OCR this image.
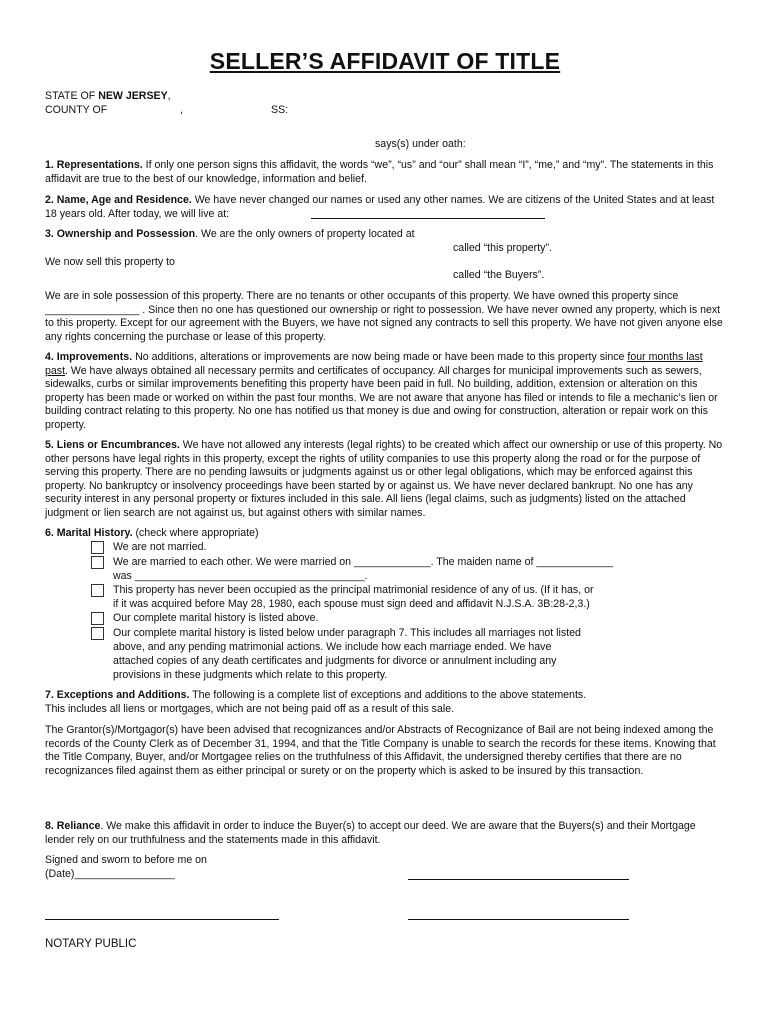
SELLER’S AFFIDAVIT OF TITLE
STATE OF NEW JERSEY,
COUNTY OF	,	SS:
says(s) under oath:
1. Representations. If only one person signs this affidavit, the words “we”, “us” and “our” shall mean “I”, “me,” and “my”. The statements in this affidavit are true to the best of our knowledge, information and belief.
2. Name, Age and Residence. We have never changed our names or used any other names. We are citizens of the United States and at least 18 years old. After today, we will live at:
3. Ownership and Possession. We are the only owners of property located at
called “this property”.
We now sell this property to
called “the Buyers”.
We are in sole possession of this property. There are no tenants or other occupants of this property. We have owned this property since ________________ . Since then no one has questioned our ownership or right to possession. We have never owned any property, which is next to this property. Except for our agreement with the Buyers, we have not signed any contracts to sell this property. We have not given anyone else any rights concerning the purchase or lease of this property.
4. Improvements. No additions, alterations or improvements are now being made or have been made to this property since four months last past. We have always obtained all necessary permits and certificates of occupancy. All charges for municipal improvements such as sewers, sidewalks, curbs or similar improvements benefiting this property have been paid in full. No building, addition, extension or alteration on this property has been made or worked on within the past four months. We are not aware that anyone has filed or intends to file a mechanic’s lien or building contract relating to this property. No one has notified us that money is due and owing for construction, alteration or repair work on this property.
5. Liens or Encumbrances. We have not allowed any interests (legal rights) to be created which affect our ownership or use of this property. No other persons have legal rights in this property, except the rights of utility companies to use this property along the road or for the purpose of serving this property. There are no pending lawsuits or judgments against us or other legal obligations, which may be enforced against this property. No bankruptcy or insolvency proceedings have been started by or against us. We have never declared bankrupt. No one has any security interest in any personal property or fixtures included in this sale. All liens (legal claims, such as judgments) listed on the attached judgment or lien search are not against us, but against others with similar names.
6. Marital History. (check where appropriate)
We are not married.
We are married to each other. We were married on _____________. The maiden name of _____________
was _______________________________________.
This property has never been occupied as the principal matrimonial residence of any of us. (If it has, or
if it was acquired before May 28, 1980, each spouse must sign deed and affidavit N.J.S.A. 3B:28-2,3.)
Our complete marital history is listed above.
Our complete marital history is listed below under paragraph 7. This includes all marriages not listed
above, and any pending matrimonial actions. We include how each marriage ended. We have
attached copies of any death certificates and judgments for divorce or annulment including any
provisions in these judgments which relate to this property.
7. Exceptions and Additions. The following is a complete list of exceptions and additions to the above statements.
This includes all liens or mortgages, which are not being paid off as a result of this sale.
The Grantor(s)/Mortgagor(s) have been advised that recognizances and/or Abstracts of Recognizance of Bail are not being indexed among the records of the County Clerk as of December 31, 1994, and that the Title Company is unable to search the records for these items. Knowing that the Title Company, Buyer, and/or Mortgagee relies on the truthfulness of this Affidavit, the undersigned thereby certifies that there are no recognizances filed against them as either principal or surety or on the property which is asked to be insured by this transaction.
8. Reliance. We make this affidavit in order to induce the Buyer(s) to accept our deed. We are aware that the Buyers(s) and their Mortgage lender rely on our truthfulness and the statements made in this affidavit.
Signed and sworn to before me on
(Date)_________________
NOTARY PUBLIC
